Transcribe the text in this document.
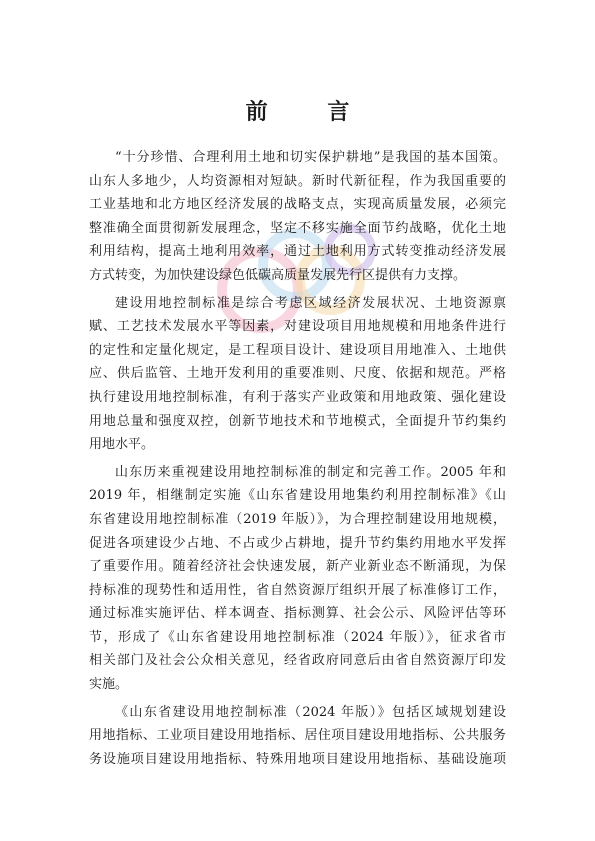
前 言

“十分珍惜、合理利用土地和切实保护耕地”是我国的基本国策。
山东人多地少，人均资源相对短缺。新时代新征程，作为我国重要的
工业基地和北方地区经济发展的战略支点，实现高质量发展，必须完
整准确全面贯彻新发展理念，坚定不移实施全面节约战略，优化土地
利用结构，提高土地利用效率，通过土地利用方式转变推动经济发展
方式转变，为加快建设绿色低碳高质量发展先行区提供有力支撑。

建设用地控制标准是综合考虑区域经济发展状况、土地资源禀
赋、工艺技术发展水平等因素，对建设项目用地规模和用地条件进行
的定性和定量化规定，是工程项目设计、建设项目用地准入、土地供
应、供后监管、土地开发利用的重要准则、尺度、依据和规范。严格
执行建设用地控制标准，有利于落实产业政策和用地政策、强化建设
用地总量和强度双控，创新节地技术和节地模式，全面提升节约集约
用地水平。

山东历来重视建设用地控制标准的制定和完善工作。2005 年和
2019 年，相继制定实施《山东省建设用地集约利用控制标准》《山
东省建设用地控制标准（2019 年版）》，为合理控制建设用地规模，
促进各项建设少占地、不占或少占耕地，提升节约集约用地水平发挥
了重要作用。随着经济社会快速发展，新产业新业态不断涌现，为保
持标准的现势性和适用性，省自然资源厅组织开展了标准修订工作，
通过标准实施评估、样本调查、指标测算、社会公示、风险评估等环
节，形成了《山东省建设用地控制标准（2024 年版）》，征求省市
相关部门及社会公众相关意见，经省政府同意后由省自然资源厅印发
实施。

《山东省建设用地控制标准（2024 年版）》包括区域规划建设
用地指标、工业项目建设用地指标、居住项目建设用地指标、公共服务
务设施项目建设用地指标、特殊用地项目建设用地指标、基础设施项
